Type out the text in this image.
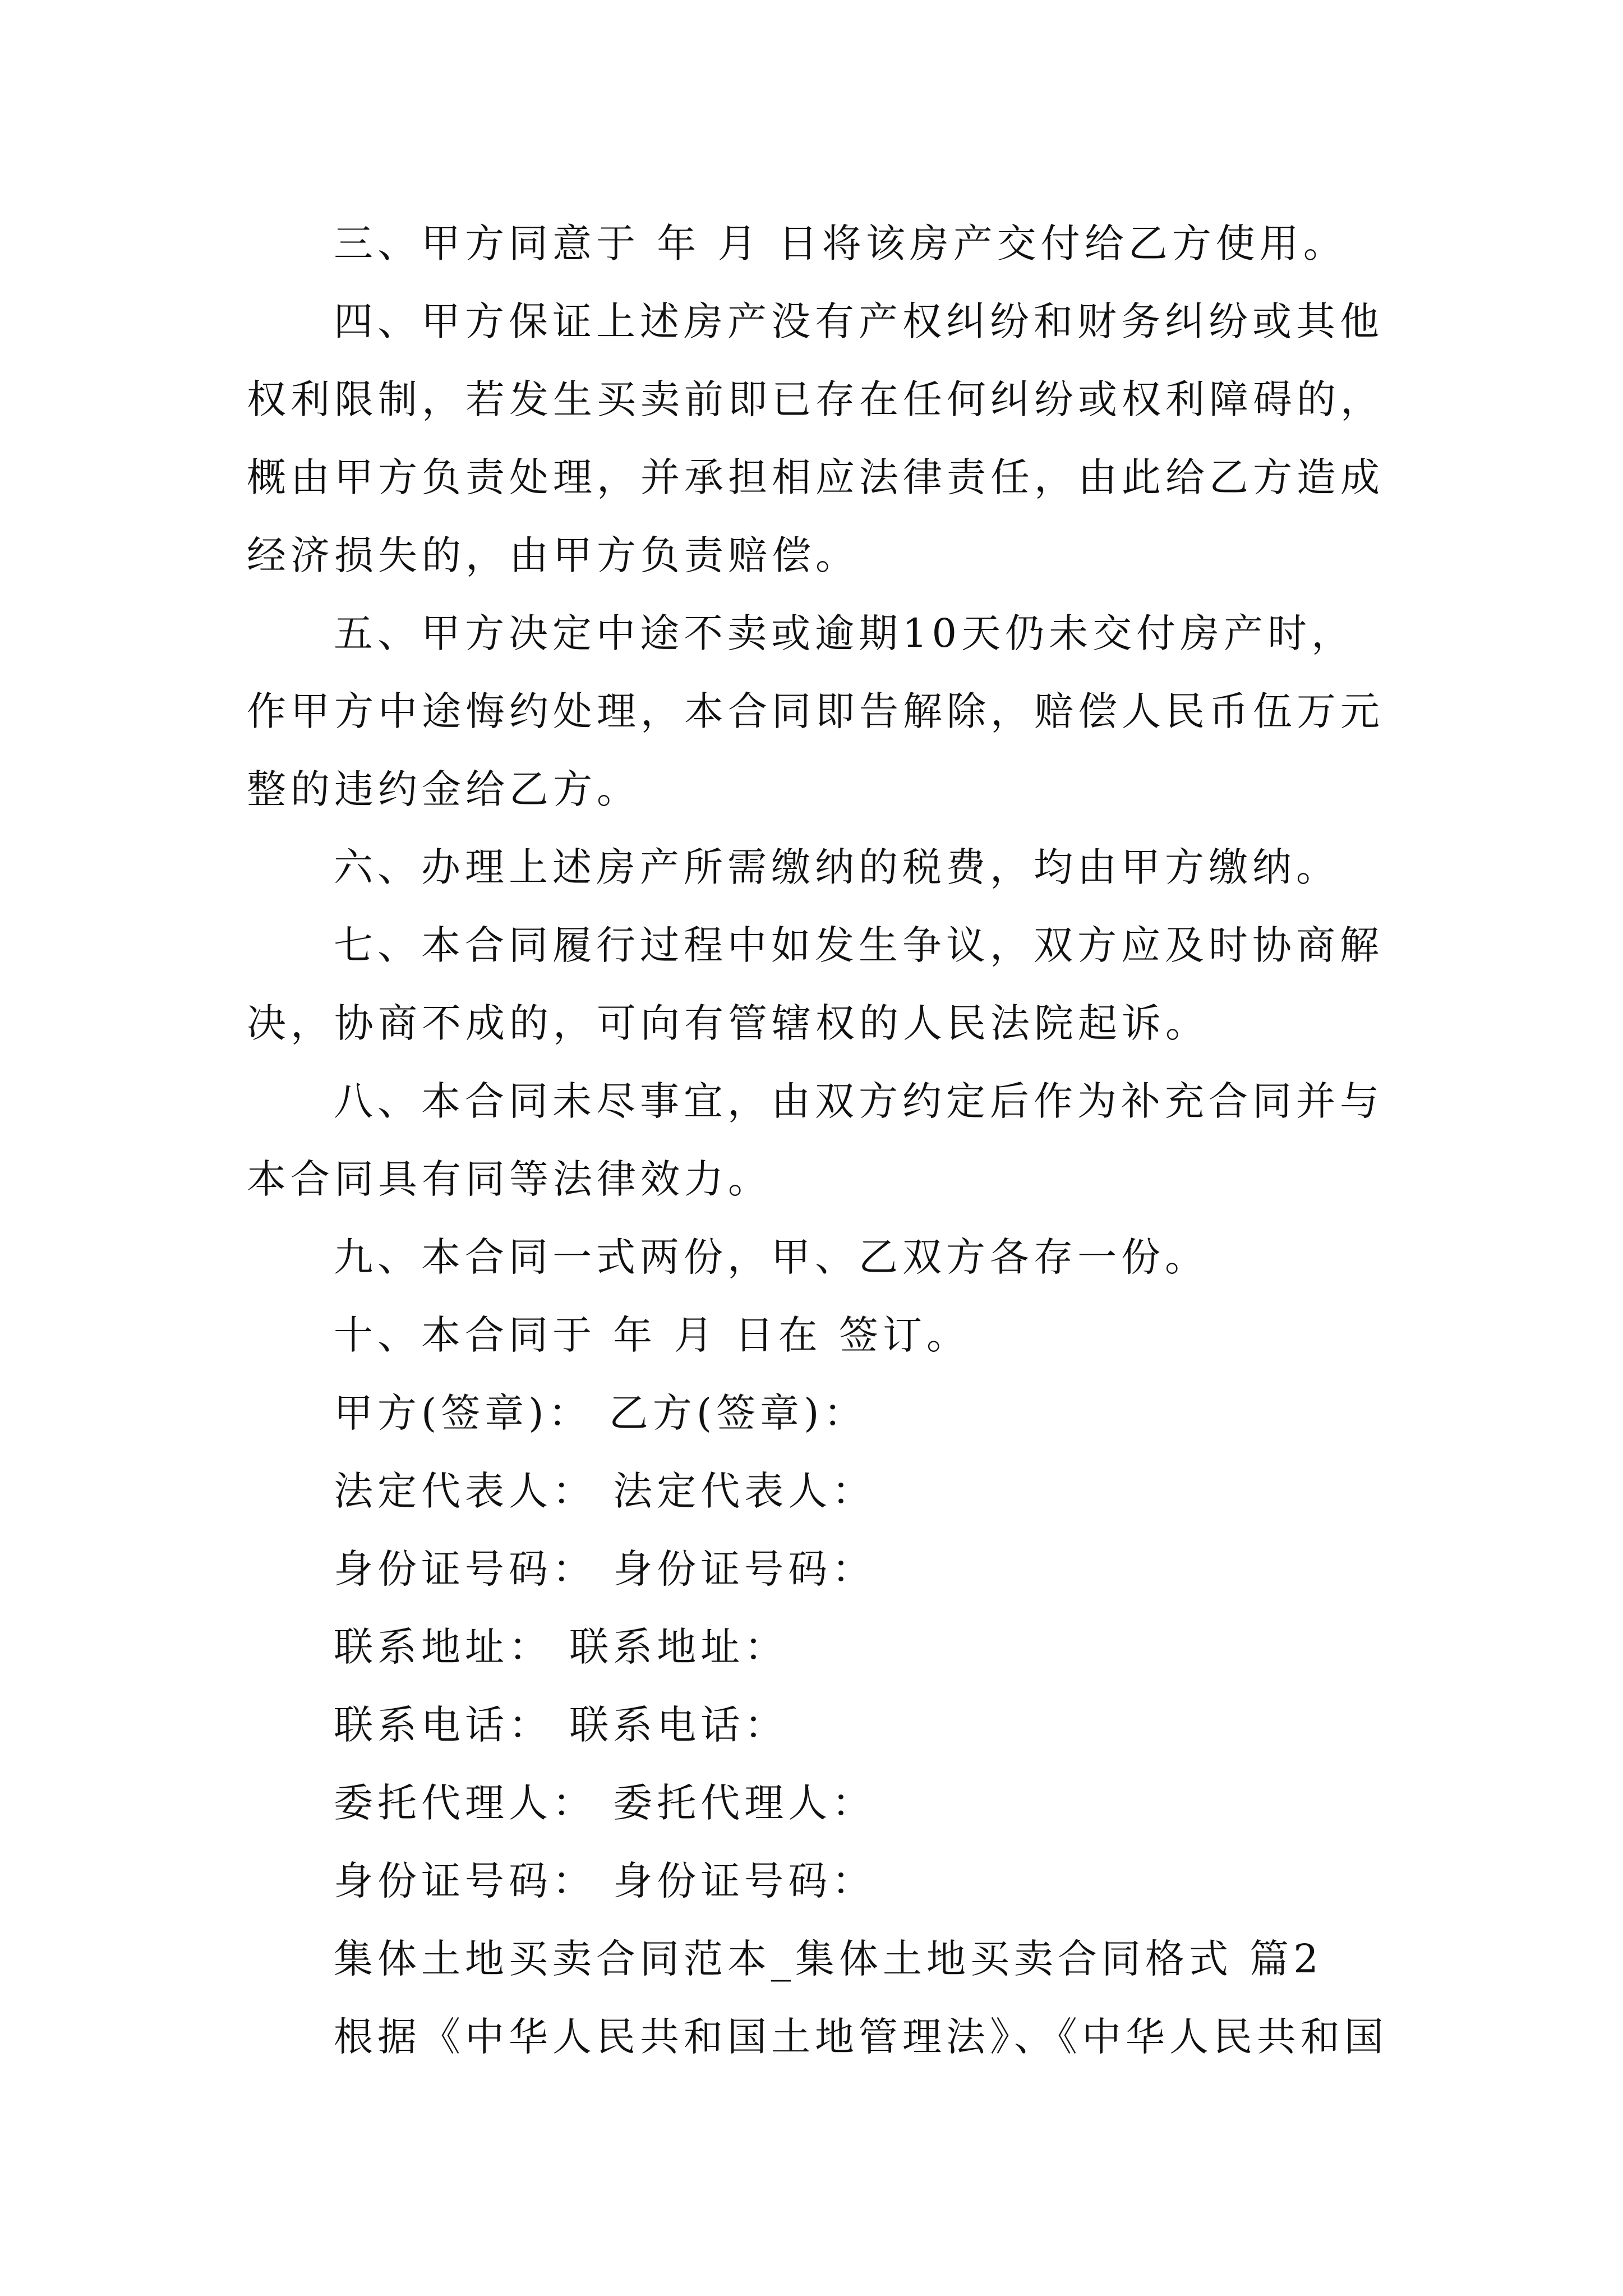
三、甲方同意于 年 月 日将该房产交付给乙方使用。

四、甲方保证上述房产没有产权纠纷和财务纠纷或其他权利限制，若发生买卖前即已存在任何纠纷或权利障碍的，概由甲方负责处理，并承担相应法律责任，由此给乙方造成经济损失的，由甲方负责赔偿。

五、甲方决定中途不卖或逾期10天仍未交付房产时，作甲方中途悔约处理，本合同即告解除，赔偿人民币伍万元整的违约金给乙方。

六、办理上述房产所需缴纳的税费，均由甲方缴纳。

七、本合同履行过程中如发生争议，双方应及时协商解决，协商不成的，可向有管辖权的人民法院起诉。

八、本合同未尽事宜，由双方约定后作为补充合同并与本合同具有同等法律效力。

九、本合同一式两份，甲、乙双方各存一份。

十、本合同于 年 月 日在 签订。

甲方(签章)： 乙方(签章)：

法定代表人： 法定代表人：

身份证号码： 身份证号码：

联系地址： 联系地址：

联系电话： 联系电话：

委托代理人： 委托代理人：

身份证号码： 身份证号码：

集体土地买卖合同范本_集体土地买卖合同格式 篇2

根据《中华人民共和国土地管理法》、《中华人民共和国
